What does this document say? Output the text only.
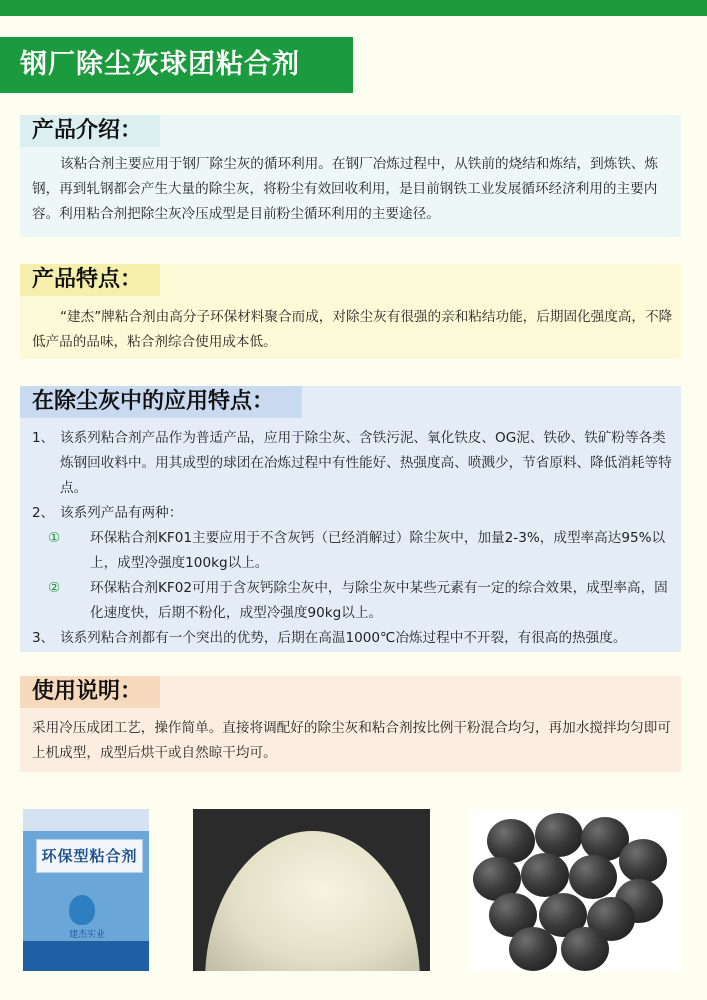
钢厂除尘灰球团粘合剂
产品介绍：

该粘合剂主要应用于钢厂除尘灰的循环利用。在钢厂冶炼过程中，从铁前的烧结和炼结，到炼铁、炼钢，再到轧钢都会产生大量的除尘灰，将粉尘有效回收利用，是目前钢铁工业发展循环经济利用的主要内容。利用粘合剂把除尘灰冷压成型是目前粉尘循环利用的主要途径。

产品特点：

“建杰”牌粘合剂由高分子环保材料聚合而成，对除尘灰有很强的亲和粘结功能，后期固化强度高，不降低产品的品味，粘合剂综合使用成本低。

在除尘灰中的应用特点：
1、 该系列粘合剂产品作为普适产品，应用于除尘灰、含铁污泥、氧化铁皮、OG泥、铁砂、铁矿粉等各类炼钢回收料中。用其成型的球团在冶炼过程中有性能好、热强度高、喷溅少，节省原料、降低消耗等特点。

2、 该系列产品有两种：

① 环保粘合剂KF01主要应用于不含灰钙（已经消解过）除尘灰中，加量2-3%，成型率高达95%以上，成型冷强度100kg以上。

② 环保粘合剂KF02可用于含灰钙除尘灰中，与除尘灰中某些元素有一定的综合效果，成型率高，固化速度快，后期不粉化，成型冷强度90kg以上。

3、 该系列粘合剂都有一个突出的优势，后期在高温1000℃冶炼过程中不开裂，有很高的热强度。

使用说明：

采用冷压成团工艺，操作简单。直接将调配好的除尘灰和粘合剂按比例干粉混合均匀，再加水搅拌均匀即可上机成型，成型后烘干或自然晾干均可。

环保型粘合剂
建杰实业
